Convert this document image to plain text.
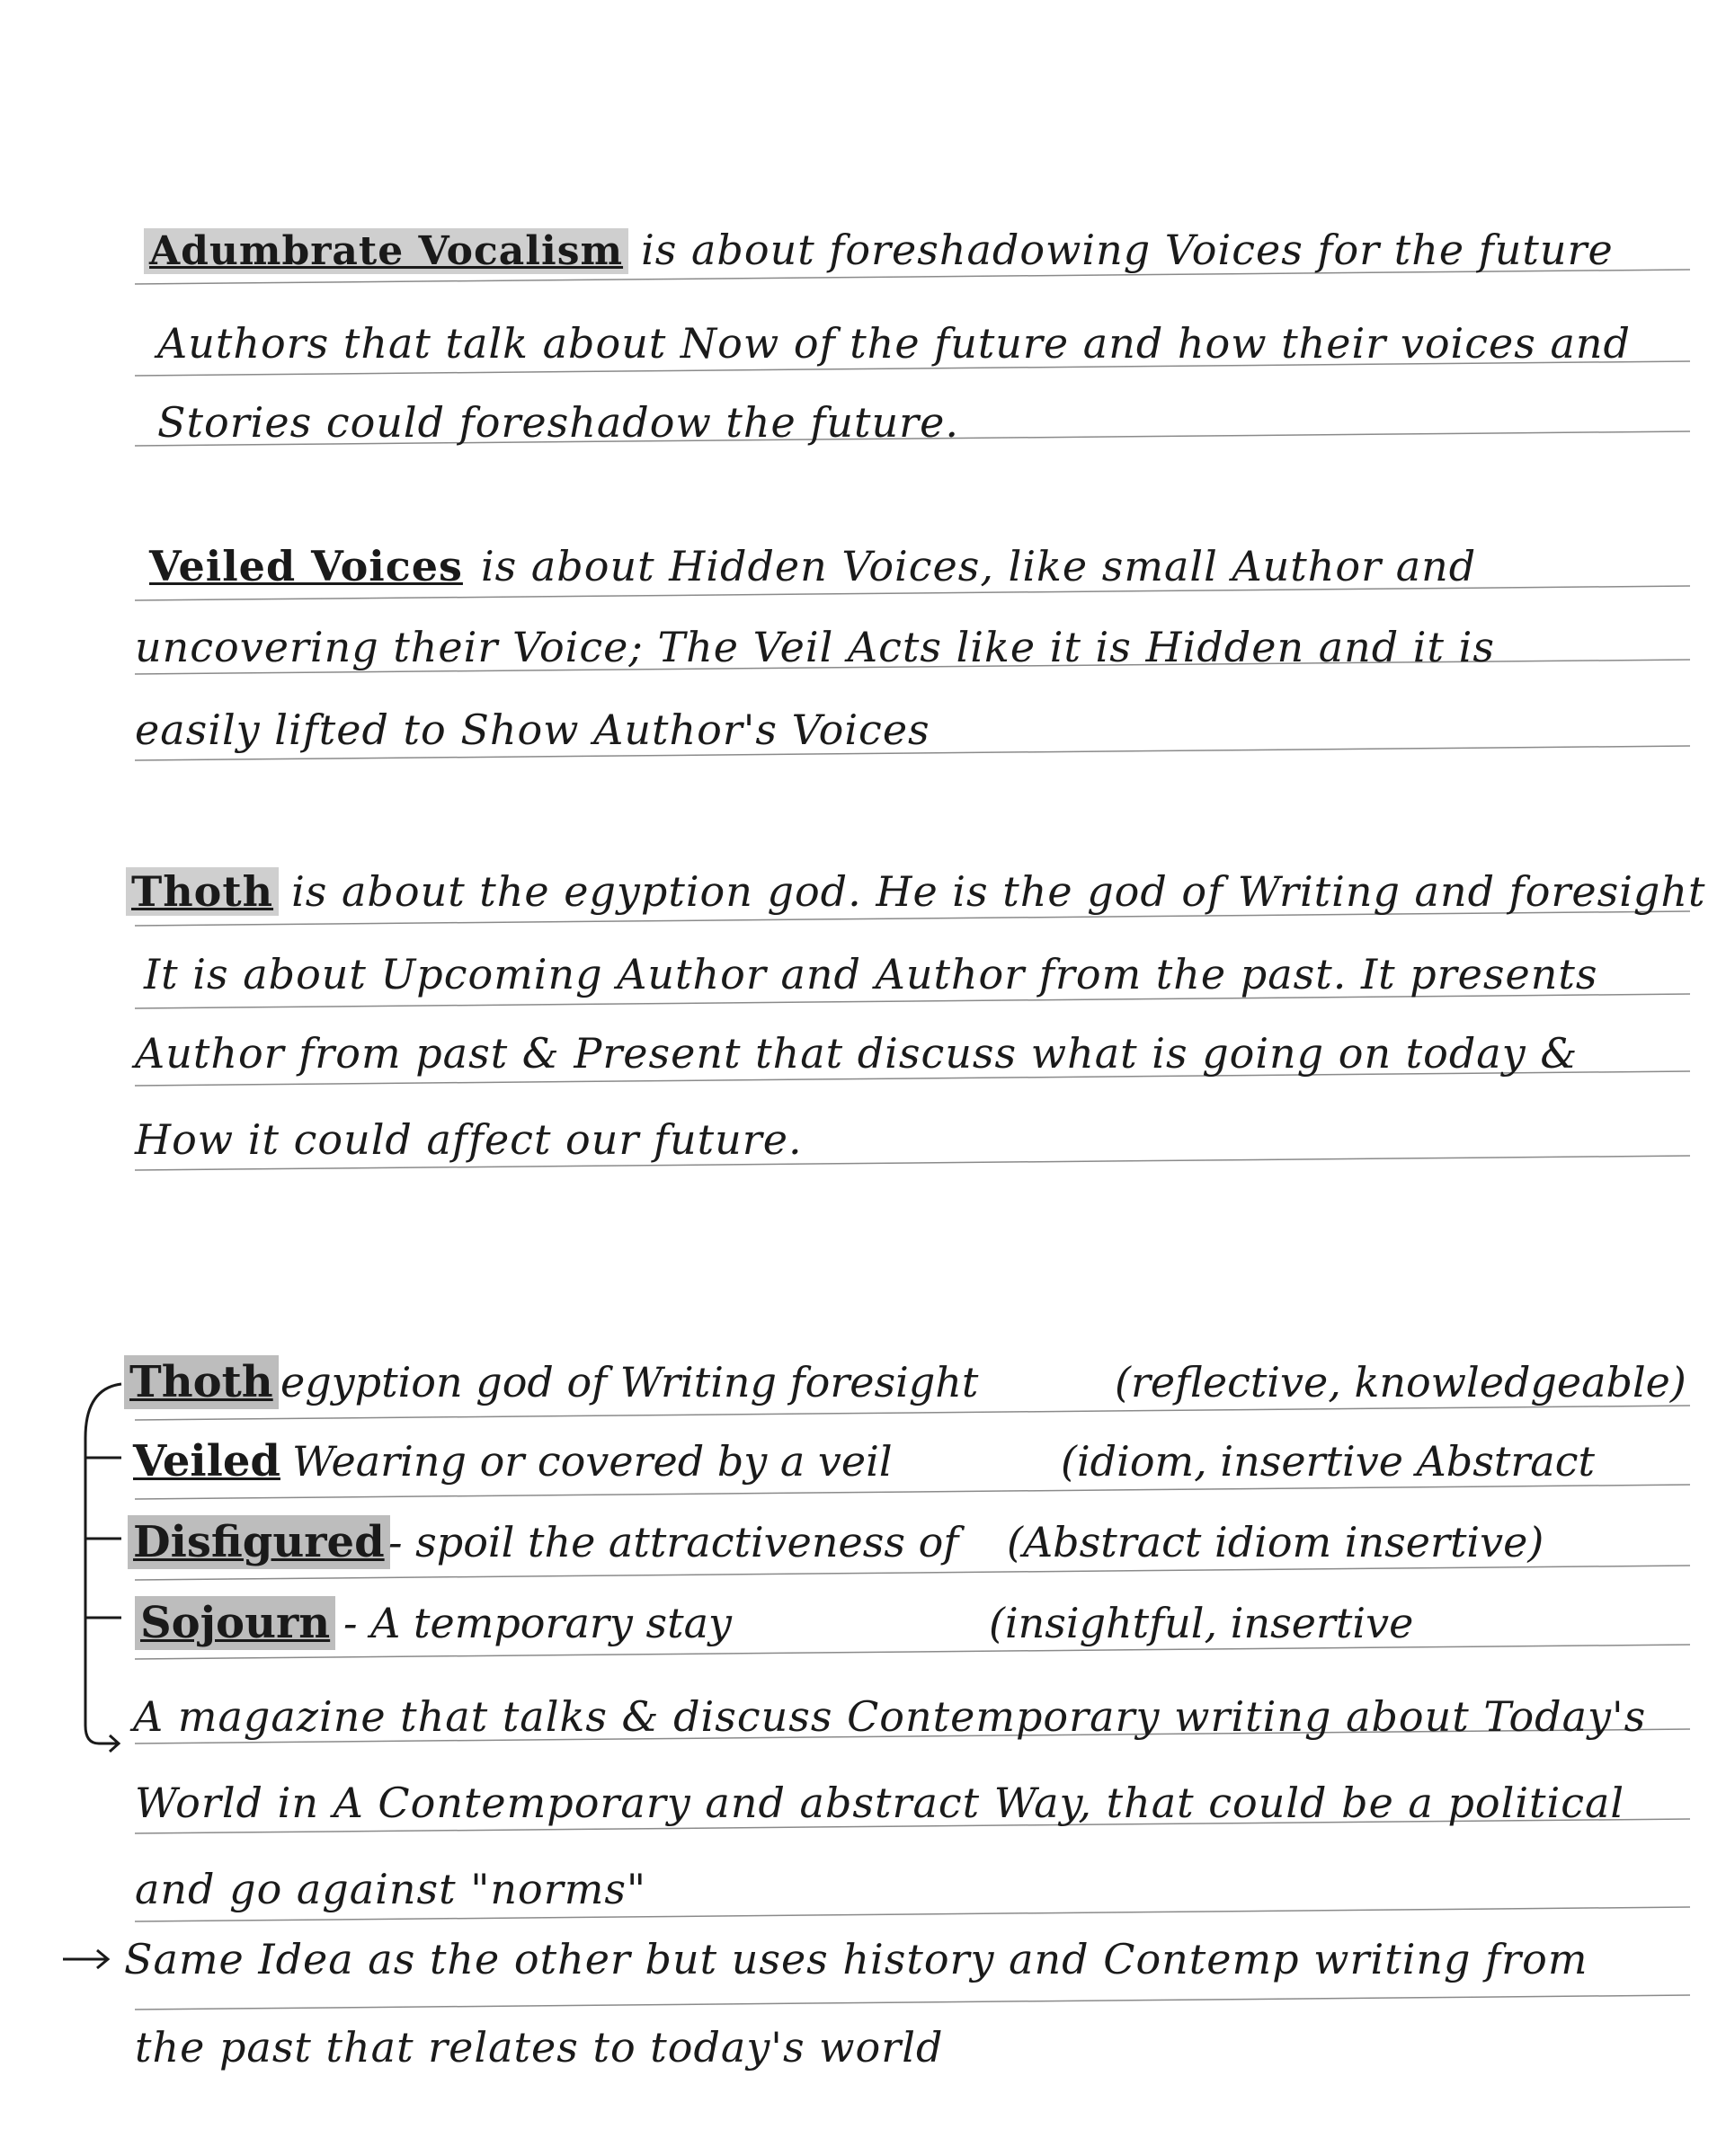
Adumbrate Vocalism is about foreshadowing Voices for the future
Authors that talk about Now of the future and how their voices and
Stories could foreshadow the future.
Veiled Voices is about Hidden Voices, like small Author and
uncovering their Voice; The Veil Acts like it is Hidden and it is
easily lifted to Show Author's Voices
Thoth is about the egyption god. He is the god of Writing and foresight
It is about Upcoming Author and Author from the past. It presents
Author from past & Present that discuss what is going on today &
How it could affect our future.
Thoth egyption god of Writing foresight	(reflective, knowledgeable)
Veiled Wearing or covered by a veil	(idiom, insertive Abstract
Disfigured - spoil the attractiveness of (Abstract idiom insertive)
Sojourn - A temporary stay	(insightful, insertive
A magazine that talks & discuss Contemporary writing about Today's
World in A Contemporary and abstract Way, that could be a political
and go against "norms"
Same Idea as the other but uses history and Contemp writing from
the past that relates to today's world
